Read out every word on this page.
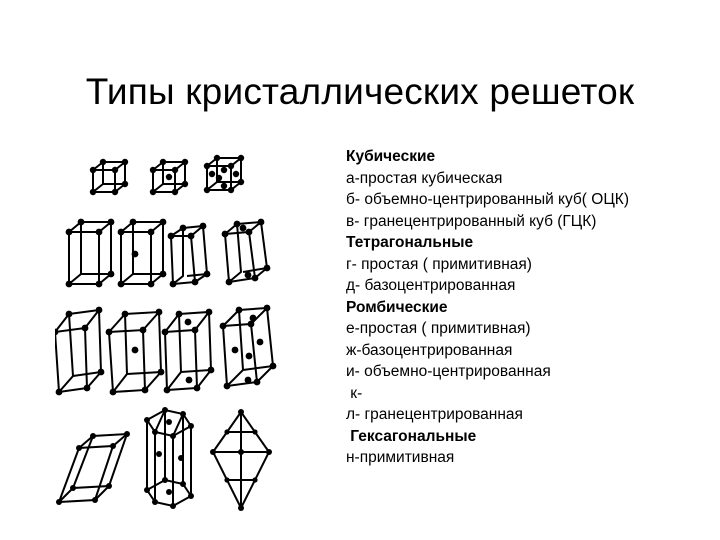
Типы кристаллических решеток
Кубические
а-простая кубическая
б- объемно-центрированный куб( ОЦК)
в- гранецентрированный куб (ГЦК)
Тетрагональные
г- простая ( примитивная)
д- базоцентрированная
Ромбические
е-простая ( примитивная)
ж-базоцентрированная
и- объемно-центрированная
к-
л- гранецентрированная
Гексагональные
н-примитивная
